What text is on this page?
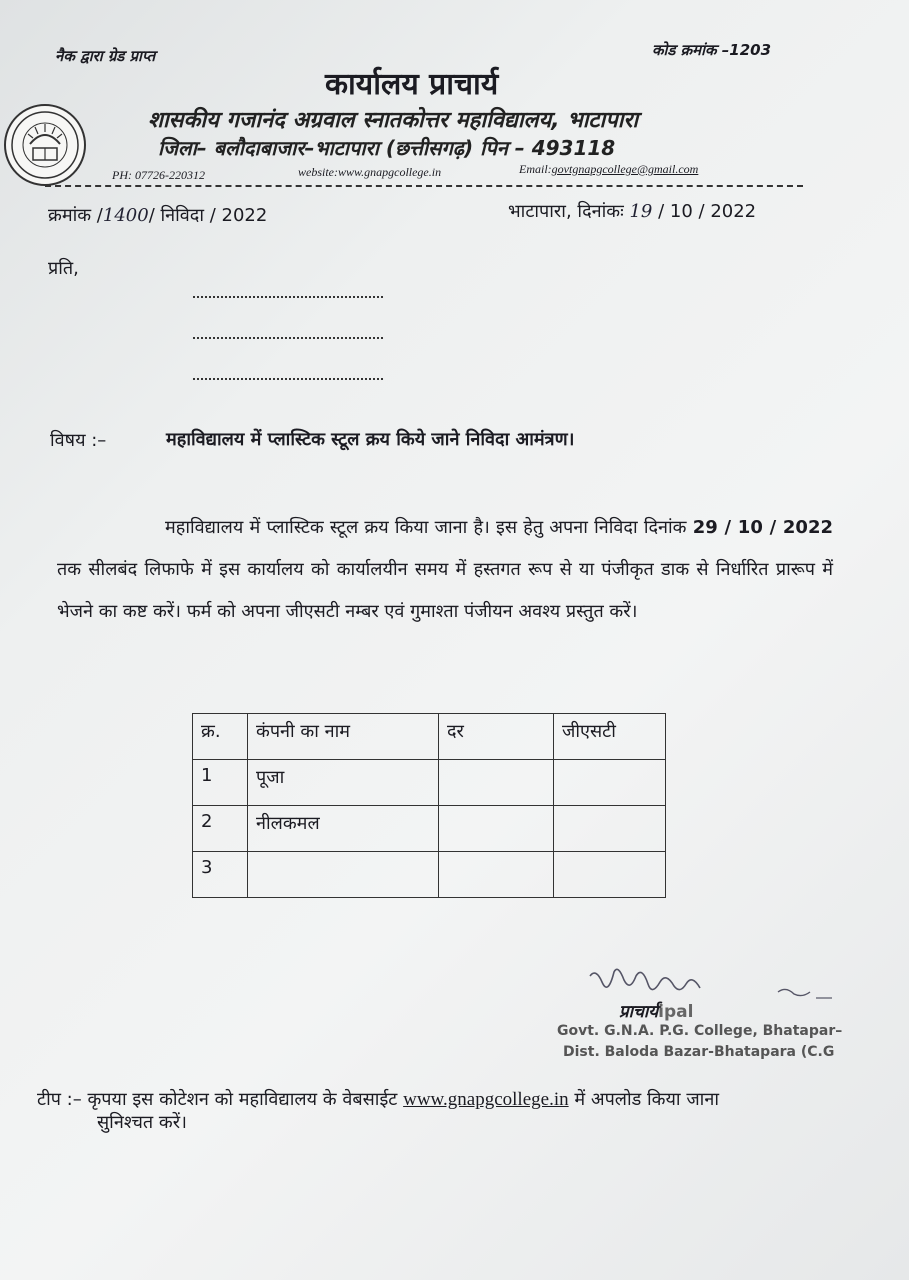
नैक द्वारा ग्रेड प्राप्त	कोड क्रमांक –1203
कार्यालय प्राचार्य
शासकीय गजानंद अग्रवाल स्नातकोत्तर महाविद्यालय, भाटापारा
जिला– बलौदाबाजार–भाटापारा (छत्तीसगढ़) पिन – 493118
PH: 07726-220312	website:www.gnapgcollege.in	Email:govtgnapgcollege@gmail.com
क्रमांक /1400/ निविदा / 2022	भाटापारा, दिनांकः 19 / 10 / 2022
प्रति,
विषय :–	महाविद्यालय में प्लास्टिक स्टूल क्रय किये जाने निविदा आमंत्रण।
महाविद्यालय में प्लास्टिक स्टूल क्रय किया जाना है। इस हेतु अपना निविदा दिनांक 29 / 10 / 2022 तक सीलबंद लिफाफे में इस कार्यालय को कार्यालयीन समय में हस्तगत रूप से या पंजीकृत डाक से निर्धारित प्रारूप में भेजने का कष्ट करें। फर्म को अपना जीएसटी नम्बर एवं गुमाश्ता पंजीयन अवश्य प्रस्तुत करें।
क्र.	कंपनी का नाम	दर	जीएसटी
1	पूजा		
2	नीलकमल		
3			
प्राचार्यipal
Govt. G.N.A. P.G. College, Bhatapar–
Dist. Baloda Bazar-Bhatapara (C.G
टीप :– कृपया इस कोटेशन को महाविद्यालय के वेबसाईट www.gnapgcollege.in में अपलोड किया जाना
सुनिश्चत करें।
